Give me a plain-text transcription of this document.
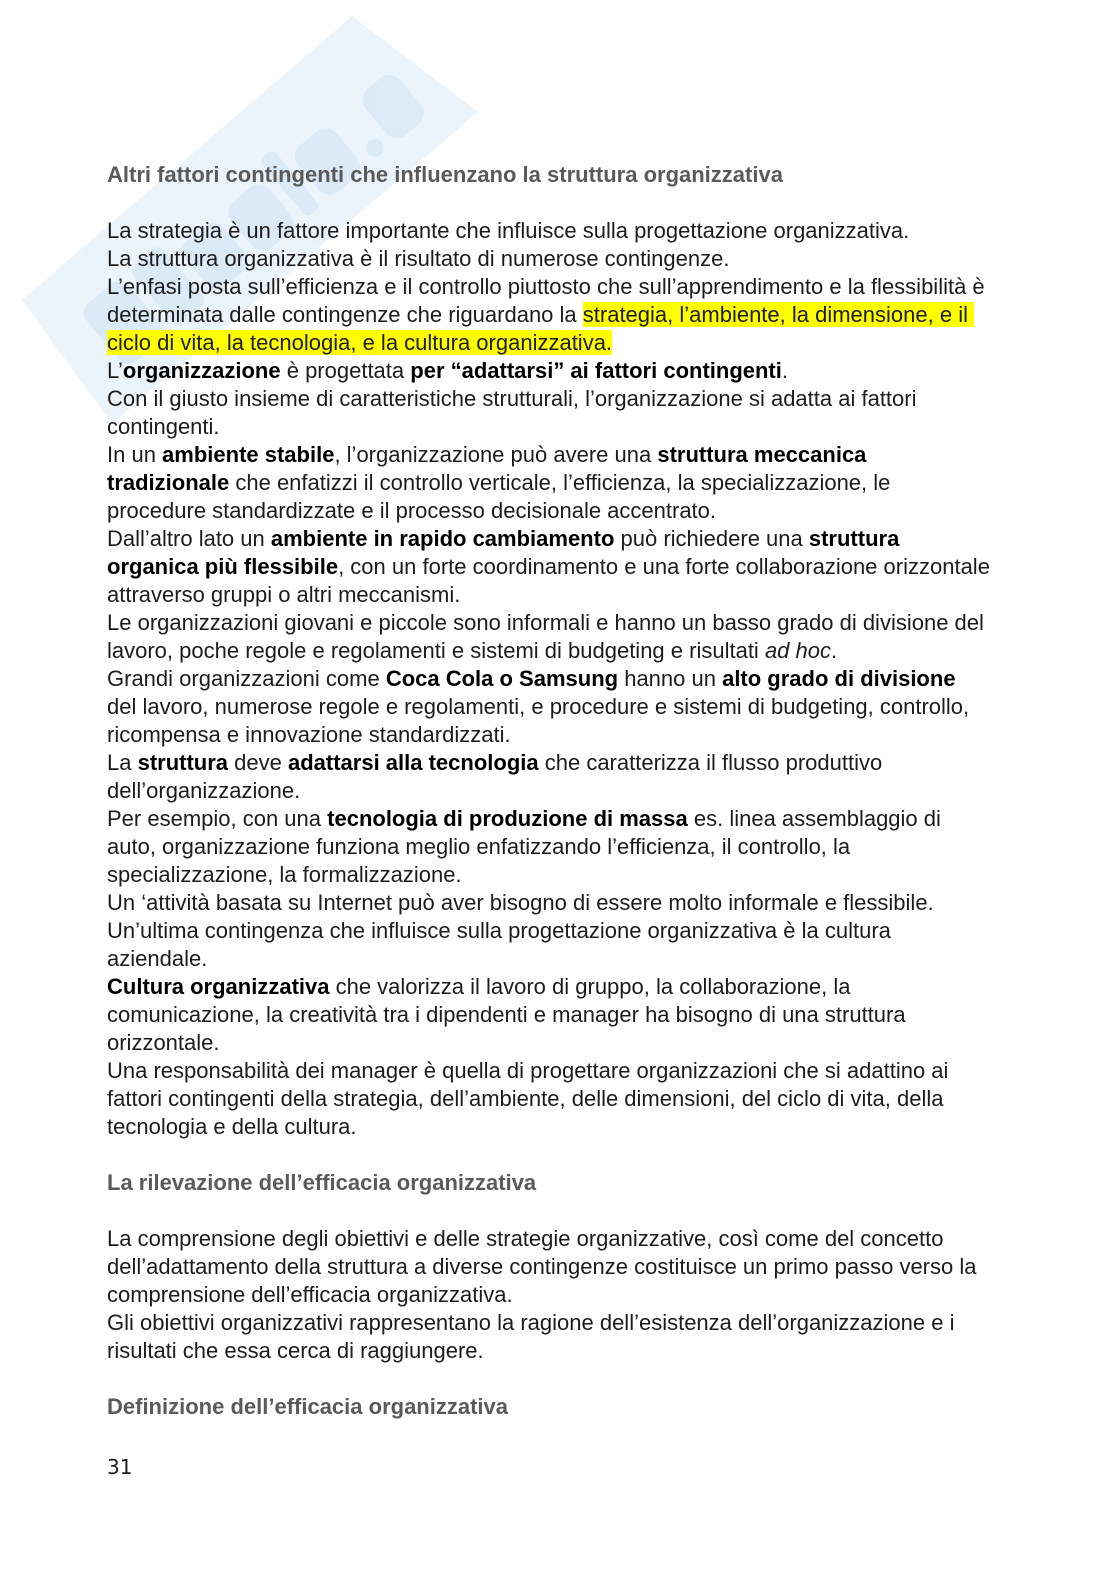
Altri fattori contingenti che influenzano la struttura organizzativa
La strategia è un fattore importante che influisce sulla progettazione organizzativa.
La struttura organizzativa è il risultato di numerose contingenze.
L’enfasi posta sull’efficienza e il controllo piuttosto che sull’apprendimento e la flessibilità è
determinata dalle contingenze che riguardano la strategia, l’ambiente, la dimensione, e il
ciclo di vita, la tecnologia, e la cultura organizzativa.
L’organizzazione è progettata per “adattarsi” ai fattori contingenti.
Con il giusto insieme di caratteristiche strutturali, l’organizzazione si adatta ai fattori
contingenti.
In un ambiente stabile, l’organizzazione può avere una struttura meccanica
tradizionale che enfatizzi il controllo verticale, l’efficienza, la specializzazione, le
procedure standardizzate e il processo decisionale accentrato.
Dall’altro lato un ambiente in rapido cambiamento può richiedere una struttura
organica più flessibile, con un forte coordinamento e una forte collaborazione orizzontale
attraverso gruppi o altri meccanismi.
Le organizzazioni giovani e piccole sono informali e hanno un basso grado di divisione del
lavoro, poche regole e regolamenti e sistemi di budgeting e risultati ad hoc.
Grandi organizzazioni come Coca Cola o Samsung hanno un alto grado di divisione
del lavoro, numerose regole e regolamenti, e procedure e sistemi di budgeting, controllo,
ricompensa e innovazione standardizzati.
La struttura deve adattarsi alla tecnologia che caratterizza il flusso produttivo
dell’organizzazione.
Per esempio, con una tecnologia di produzione di massa es. linea assemblaggio di
auto, organizzazione funziona meglio enfatizzando l’efficienza, il controllo, la
specializzazione, la formalizzazione.
Un ‘attività basata su Internet può aver bisogno di essere molto informale e flessibile.
Un’ultima contingenza che influisce sulla progettazione organizzativa è la cultura
aziendale.
Cultura organizzativa che valorizza il lavoro di gruppo, la collaborazione, la
comunicazione, la creatività tra i dipendenti e manager ha bisogno di una struttura
orizzontale.
Una responsabilità dei manager è quella di progettare organizzazioni che si adattino ai
fattori contingenti della strategia, dell’ambiente, delle dimensioni, del ciclo di vita, della
tecnologia e della cultura.
La rilevazione dell’efficacia organizzativa
La comprensione degli obiettivi e delle strategie organizzative, così come del concetto
dell’adattamento della struttura a diverse contingenze costituisce un primo passo verso la
comprensione dell’efficacia organizzativa.
Gli obiettivi organizzativi rappresentano la ragione dell’esistenza dell’organizzazione e i
risultati che essa cerca di raggiungere.
Definizione dell’efficacia organizzativa
31
